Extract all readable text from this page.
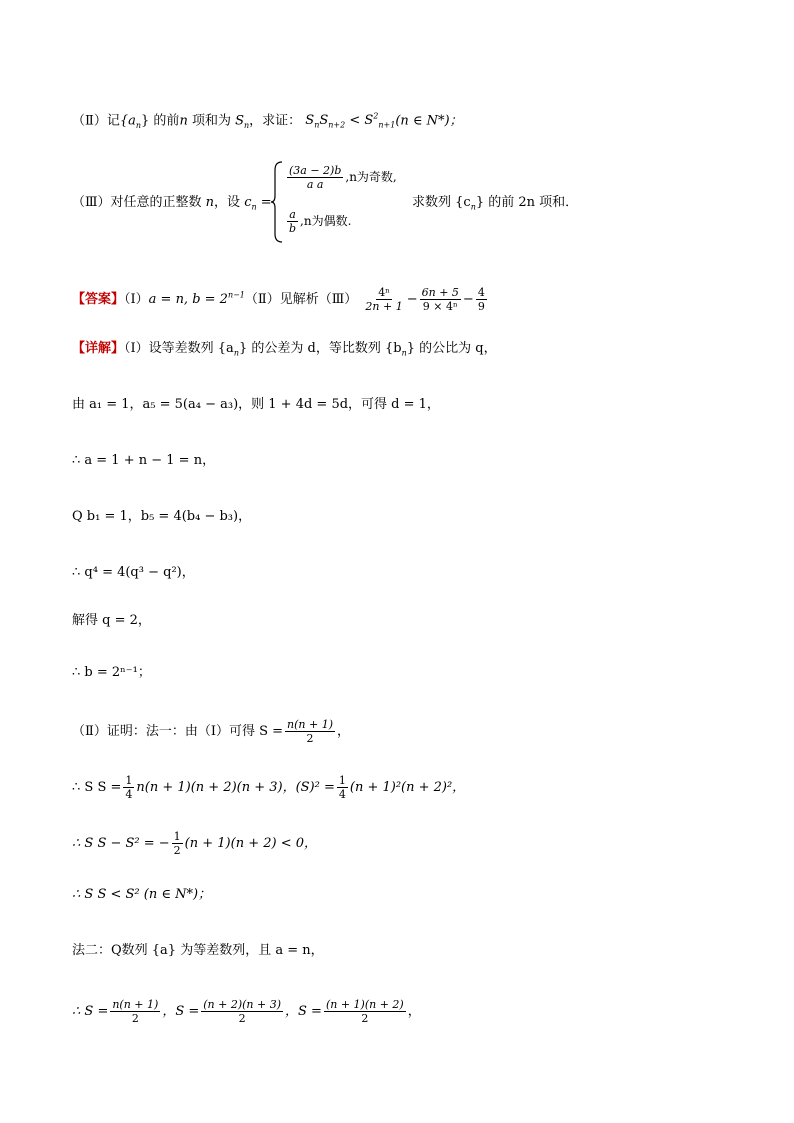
（Ⅱ）记$\{a_n\}$ 的前n 项和为 $S_n$，求证： $S_nS_{n+2} < S^2_{n+1}(n$ ∈ N*)；
（Ⅲ）对任意的正整数 n，设 $c_n$ =
$\frac{(3a - 2)b}{\text{a a}} ,n$为奇数,
$\frac{a}{b} ,n$为偶数.
求数列 $\{c_n\}$ 的前 2n 项和．
【答案】（Ⅰ）a = n, $b = 2^{n-1}(Ⅱ)$见解析（Ⅲ） $\frac{\text{4ⁿ}}{2n + 1} - \frac{6n + 5}{\text{9 × 4ⁿ}} - \frac{4}{9}$
【详解】（Ⅰ）设等差数列 $\{a_n\}$ 的公差为 d，等比数列 $\{b_n\}$ 的公比为 q，
由 a₁ = 1，a₅ = 5(a₄ − a₃)，则 1 + 4d = 5d，可得 d = 1，
∴ a = 1 + n − 1 = n，
Q b₁ = 1，b₅ = 4(b₄ − b₃)，
∴ q⁴ = 4(q³ − q²)，
解得 q = 2，
∴ b = 2ⁿ⁻¹；
（Ⅱ）证明：法一：由（Ⅰ）可得 $S = \frac{n(n + 1)}{2}$ ，
∴ S $S = \frac{1}{4} n(n + 1)(n + 2)(n + 3)$，$(S)^2 = \frac{1}{4} (n + 1)^2(n + 2)^2$，
∴ S S − S² = − $\frac{1}{2} (n + 1)(n + 2) < 0$，
∴ S S < S² (n ∈ N*)；
法二：Q数列 {a} 为等差数列，且 a = n，
∴ $S = \frac{n(n + 1)}{2}$ ，$S = \frac{(n + 2)(n + 3)}{2}$ ，$S = \frac{(n + 1)(n + 2)}{2}$ ，
